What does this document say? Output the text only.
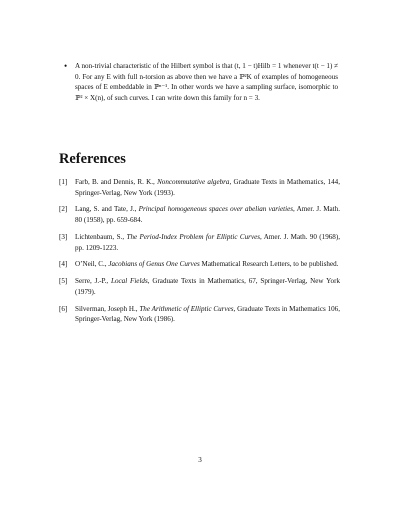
•	A non-trivial characteristic of the Hilbert symbol is that (t, 1 − t)Hilb = 1 whenever t(t − 1) ≠ 0. For any E with full n-torsion as above then we have a ℙ²K of examples of homogeneous spaces of E embeddable in ℙⁿ⁻¹. In other words we have a sampling surface, isomorphic to ℙ² × X(n), of such curves. I can write down this family for n = 3.
References
[1]	Farb, B. and Dennis, R. K., Noncommutative algebra, Graduate Texts in Mathematics, 144, Springer-Verlag, New York (1993).
[2]	Lang, S. and Tate, J., Principal homogeneous spaces over abelian varieties, Amer. J. Math. 80 (1958), pp. 659-684.
[3]	Lichtenbaum, S., The Period-Index Problem for Elliptic Curves, Amer. J. Math. 90 (1968), pp. 1209-1223.
[4]	O’Neil, C., Jacobians of Genus One Curves Mathematical Research Letters, to be published.
[5]	Serre, J.-P., Local Fields, Graduate Texts in Mathematics, 67, Springer-Verlag, New York (1979).
[6]	Silverman, Joseph H., The Arithmetic of Elliptic Curves, Graduate Texts in Mathematics 106, Springer-Verlag, New York (1986).
3
